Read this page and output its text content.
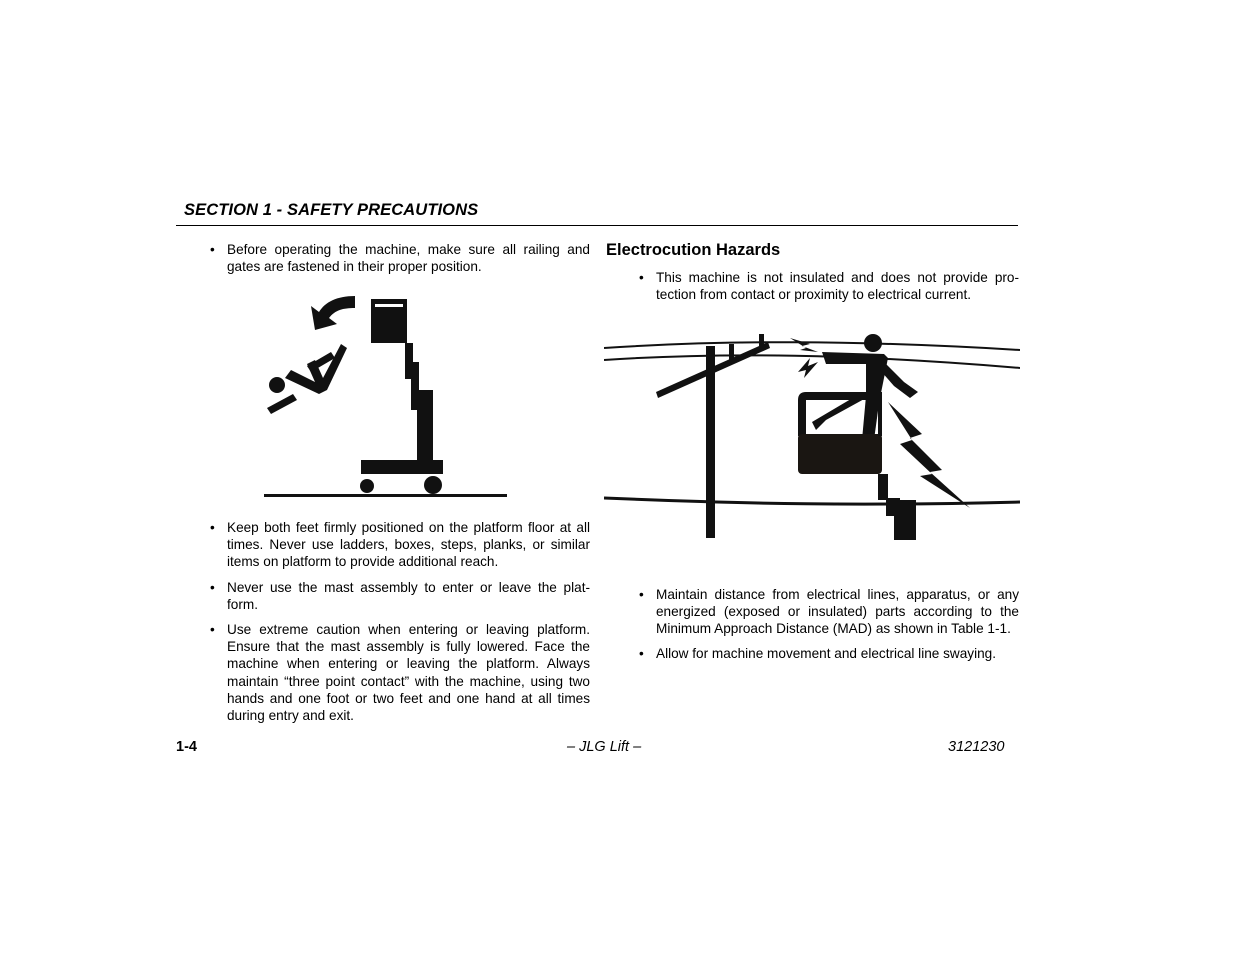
SECTION 1 - SAFETY PRECAUTIONS
• Before operating the machine, make sure all railing and gates are fastened in their proper position.
• Keep both feet firmly positioned on the platform floor at all times. Never use ladders, boxes, steps, planks, or similar items on platform to provide additional reach.
• Never use the mast assembly to enter or leave the plat-form.
• Use extreme caution when entering or leaving platform. Ensure that the mast assembly is fully lowered. Face the machine when entering or leaving the platform. Always maintain “three point contact” with the machine, using two hands and one foot or two feet and one hand at all times during entry and exit.
Electrocution Hazards
• This machine is not insulated and does not provide pro-tection from contact or proximity to electrical current.
• Maintain distance from electrical lines, apparatus, or any energized (exposed or insulated) parts according to the Minimum Approach Distance (MAD) as shown in Table 1-1.
• Allow for machine movement and electrical line swaying.
1-4	– JLG Lift –	3121230
